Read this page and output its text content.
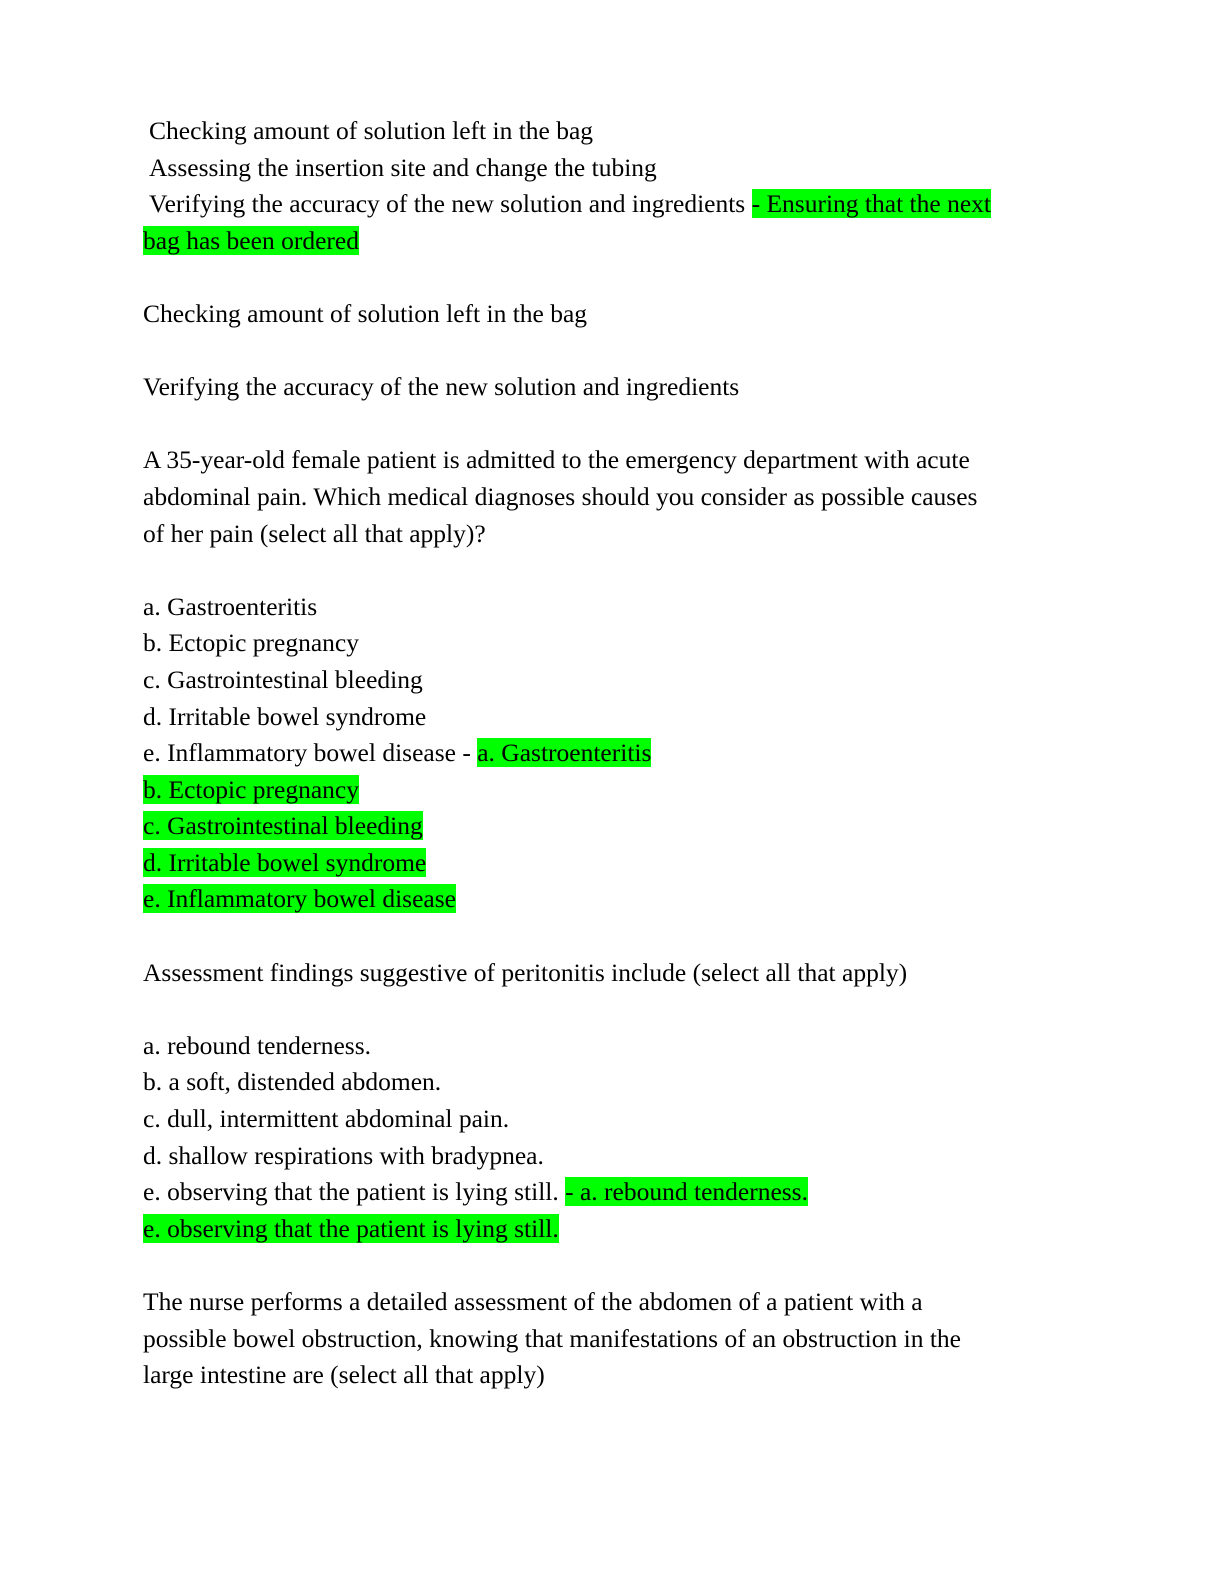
Checking amount of solution left in the bag
Assessing the insertion site and change the tubing
Verifying the accuracy of the new solution and ingredients - Ensuring that the next
bag has been ordered
Checking amount of solution left in the bag
Verifying the accuracy of the new solution and ingredients
A 35-year-old female patient is admitted to the emergency department with acute
abdominal pain. Which medical diagnoses should you consider as possible causes
of her pain (select all that apply)?
a. Gastroenteritis
b. Ectopic pregnancy
c. Gastrointestinal bleeding
d. Irritable bowel syndrome
e. Inflammatory bowel disease - a. Gastroenteritis
b. Ectopic pregnancy
c. Gastrointestinal bleeding
d. Irritable bowel syndrome
e. Inflammatory bowel disease
Assessment findings suggestive of peritonitis include (select all that apply)
a. rebound tenderness.
b. a soft, distended abdomen.
c. dull, intermittent abdominal pain.
d. shallow respirations with bradypnea.
e. observing that the patient is lying still. - a. rebound tenderness.
e. observing that the patient is lying still.
The nurse performs a detailed assessment of the abdomen of a patient with a
possible bowel obstruction, knowing that manifestations of an obstruction in the
large intestine are (select all that apply)
